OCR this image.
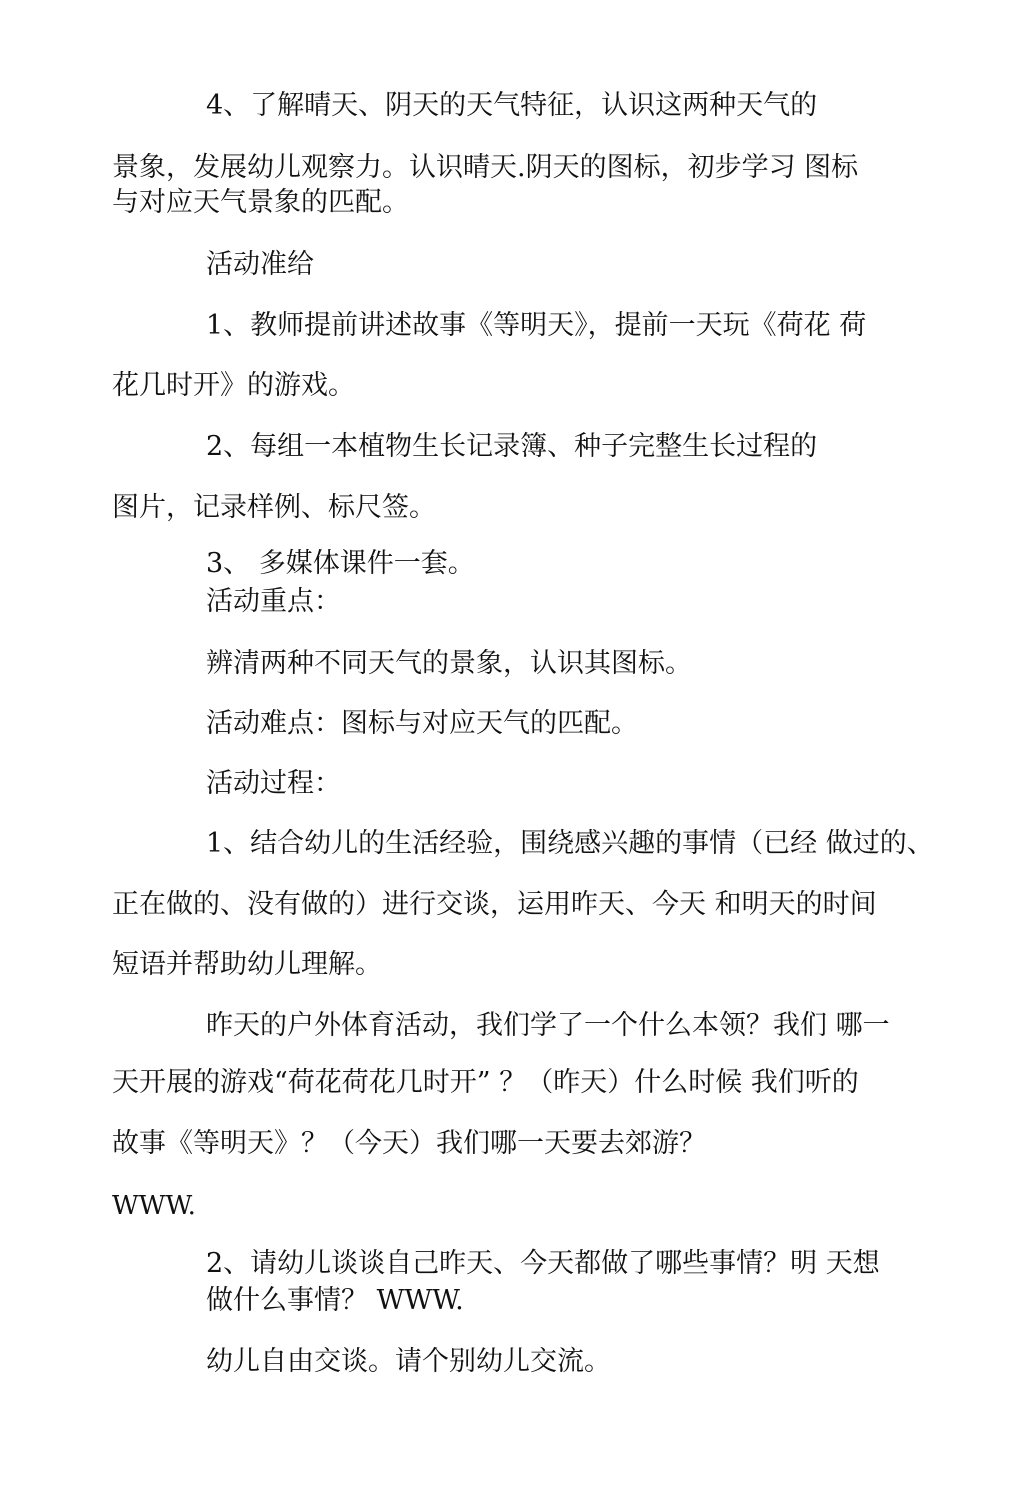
4、了解晴天、阴天的天气特征，认识这两种天气的

景象，发展幼儿观察力。认识晴天.阴天的图标，初步学习 图标

与对应天气景象的匹配。

活动准给

1、教师提前讲述故事《等明天》，提前一天玩《荷花 荷

花几时开》的游戏。

2、每组一本植物生长记录簿、种子完整生长过程的

图片，记录样例、标尺签。

3、 多媒体课件一套。

活动重点：

辨清两种不同天气的景象，认识其图标。

活动难点：图标与对应天气的匹配。

活动过程：

1、结合幼儿的生活经验，围绕感兴趣的事情（已经 做过的、

正在做的、没有做的）进行交谈，运用昨天、今天 和明天的时间

短语并帮助幼儿理解。

昨天的户外体育活动，我们学了一个什么本领？我们 哪一

天开展的游戏“荷花荷花几时开” ？（昨天）什么时候 我们听的

故事《等明天》？（今天）我们哪一天要去郊游？

WWW.

2、请幼儿谈谈自己昨天、今天都做了哪些事情？明 天想

做什么事情？ WWW.

幼儿自由交谈。请个别幼儿交流。
